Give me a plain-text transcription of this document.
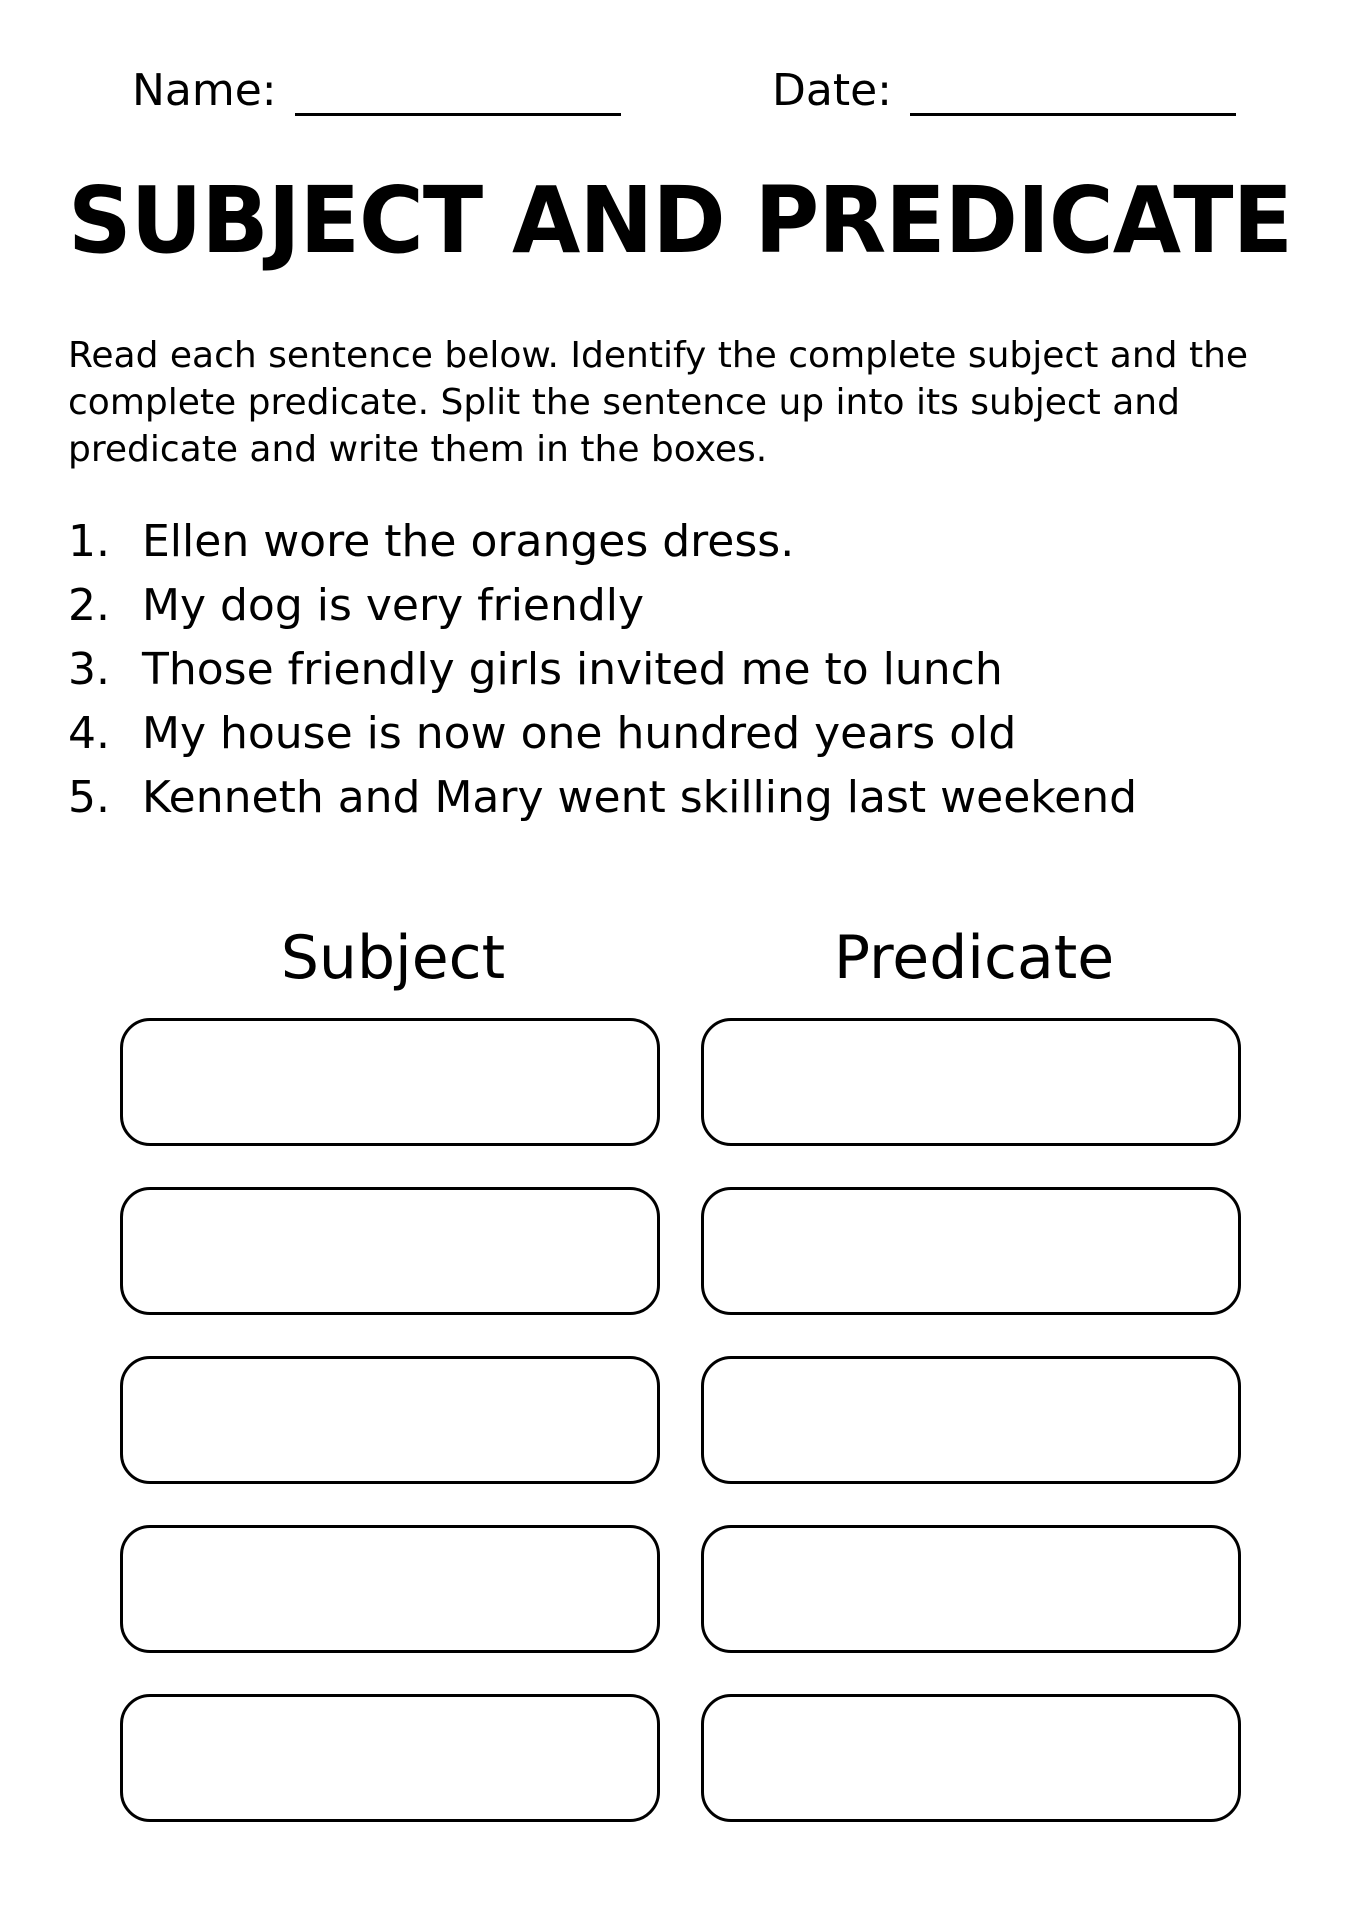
Name:	Date:
SUBJECT AND PREDICATE

Read each sentence below. Identify the complete subject and the complete predicate. Split the sentence up into its subject and predicate and write them in the boxes.

1. Ellen wore the oranges dress.
2. My dog is very friendly
3. Those friendly girls invited me to lunch
4. My house is now one hundred years old
5. Kenneth and Mary went skilling last weekend
Subject	Predicate
